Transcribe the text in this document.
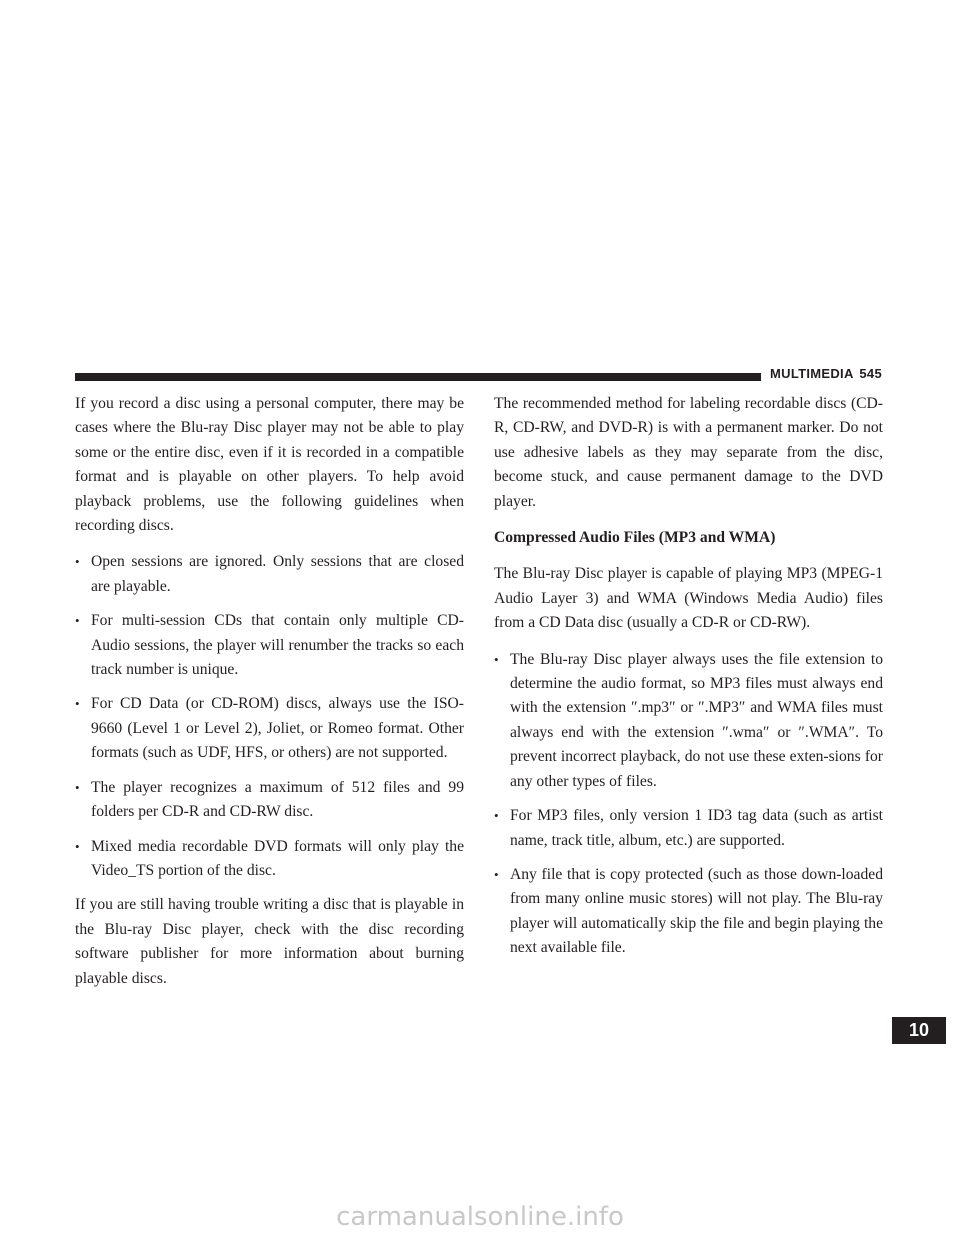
MULTIMEDIA 545

If you record a disc using a personal computer, there may be cases where the Blu-ray Disc player may not be able to play some or the entire disc, even if it is recorded in a compatible format and is playable on other players. To help avoid playback problems, use the following guidelines when recording discs.

• Open sessions are ignored. Only sessions that are closed are playable.
• For multi-session CDs that contain only multiple CD-Audio sessions, the player will renumber the tracks so each track number is unique.
• For CD Data (or CD-ROM) discs, always use the ISO-9660 (Level 1 or Level 2), Joliet, or Romeo format. Other formats (such as UDF, HFS, or others) are not supported.
• The player recognizes a maximum of 512 files and 99 folders per CD-R and CD-RW disc.
• Mixed media recordable DVD formats will only play the Video_TS portion of the disc.

If you are still having trouble writing a disc that is playable in the Blu-ray Disc player, check with the disc recording software publisher for more information about burning playable discs.

The recommended method for labeling recordable discs (CD-R, CD-RW, and DVD-R) is with a permanent marker. Do not use adhesive labels as they may separate from the disc, become stuck, and cause permanent damage to the DVD player.

Compressed Audio Files (MP3 and WMA)

The Blu-ray Disc player is capable of playing MP3 (MPEG-1 Audio Layer 3) and WMA (Windows Media Audio) files from a CD Data disc (usually a CD-R or CD-RW).

• The Blu-ray Disc player always uses the file extension to determine the audio format, so MP3 files must always end with the extension ″.mp3″ or ″.MP3″ and WMA files must always end with the extension ″.wma″ or ″.WMA″. To prevent incorrect playback, do not use these exten-sions for any other types of files.
• For MP3 files, only version 1 ID3 tag data (such as artist name, track title, album, etc.) are supported.
• Any file that is copy protected (such as those down-loaded from many online music stores) will not play. The Blu-ray player will automatically skip the file and begin playing the next available file.
10
carmanualsonline.info
